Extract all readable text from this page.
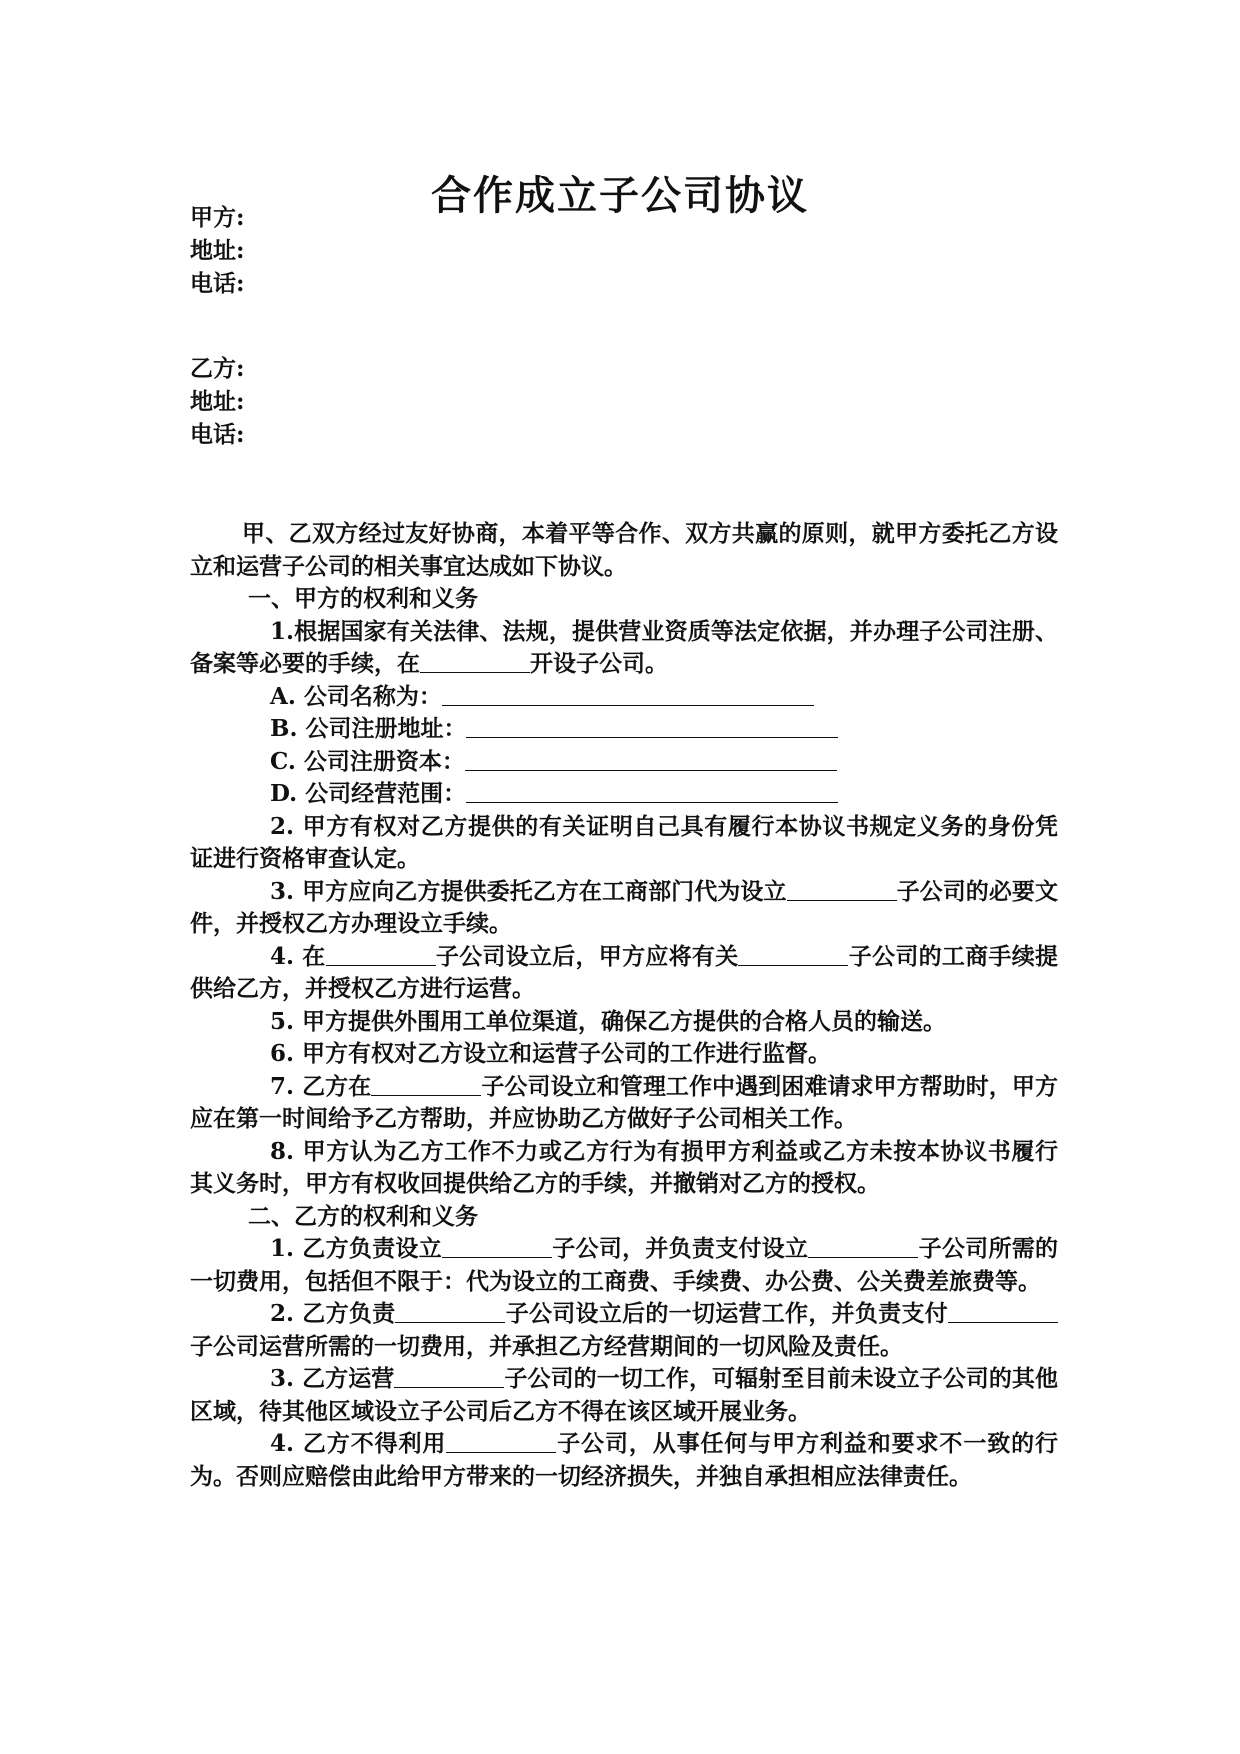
合作成立子公司协议
甲方:
地址:
电话:
乙方:
地址:
电话:

甲、乙双方经过友好协商，本着平等合作、双方共赢的原则，就甲方委托乙方设立和运营子公司的相关事宜达成如下协议。

一、甲方的权利和义务

1.根据国家有关法律、法规，提供营业资质等法定依据，并办理子公司注册、备案等必要的手续，在	开设子公司。

A. 公司名称为：

B. 公司注册地址：

C. 公司注册资本：

D. 公司经营范围：

2. 甲方有权对乙方提供的有关证明自己具有履行本协议书规定义务的身份凭证进行资格审查认定。

3. 甲方应向乙方提供委托乙方在工商部门代为设立	子公司的必要文件，并授权乙方办理设立手续。

4. 在	子公司设立后，甲方应将有关	子公司的工商手续提供给乙方，并授权乙方进行运营。

5. 甲方提供外围用工单位渠道，确保乙方提供的合格人员的输送。

6. 甲方有权对乙方设立和运营子公司的工作进行监督。

7. 乙方在	子公司设立和管理工作中遇到困难请求甲方帮助时，甲方应在第一时间给予乙方帮助，并应协助乙方做好子公司相关工作。

8. 甲方认为乙方工作不力或乙方行为有损甲方利益或乙方未按本协议书履行其义务时，甲方有权收回提供给乙方的手续，并撤销对乙方的授权。

二、乙方的权利和义务

1. 乙方负责设立	子公司，并负责支付设立	子公司所需的一切费用，包括但不限于：代为设立的工商费、手续费、办公费、公关费差旅费等。

2. 乙方负责	子公司设立后的一切运营工作，并负责支付子公司运营所需的一切费用，并承担乙方经营期间的一切风险及责任。

3. 乙方运营	子公司的一切工作，可辐射至目前未设立子公司的其他区域，待其他区域设立子公司后乙方不得在该区域开展业务。

4. 乙方不得利用	子公司，从事任何与甲方利益和要求不一致的行为。否则应赔偿由此给甲方带来的一切经济损失，并独自承担相应法律责任。
